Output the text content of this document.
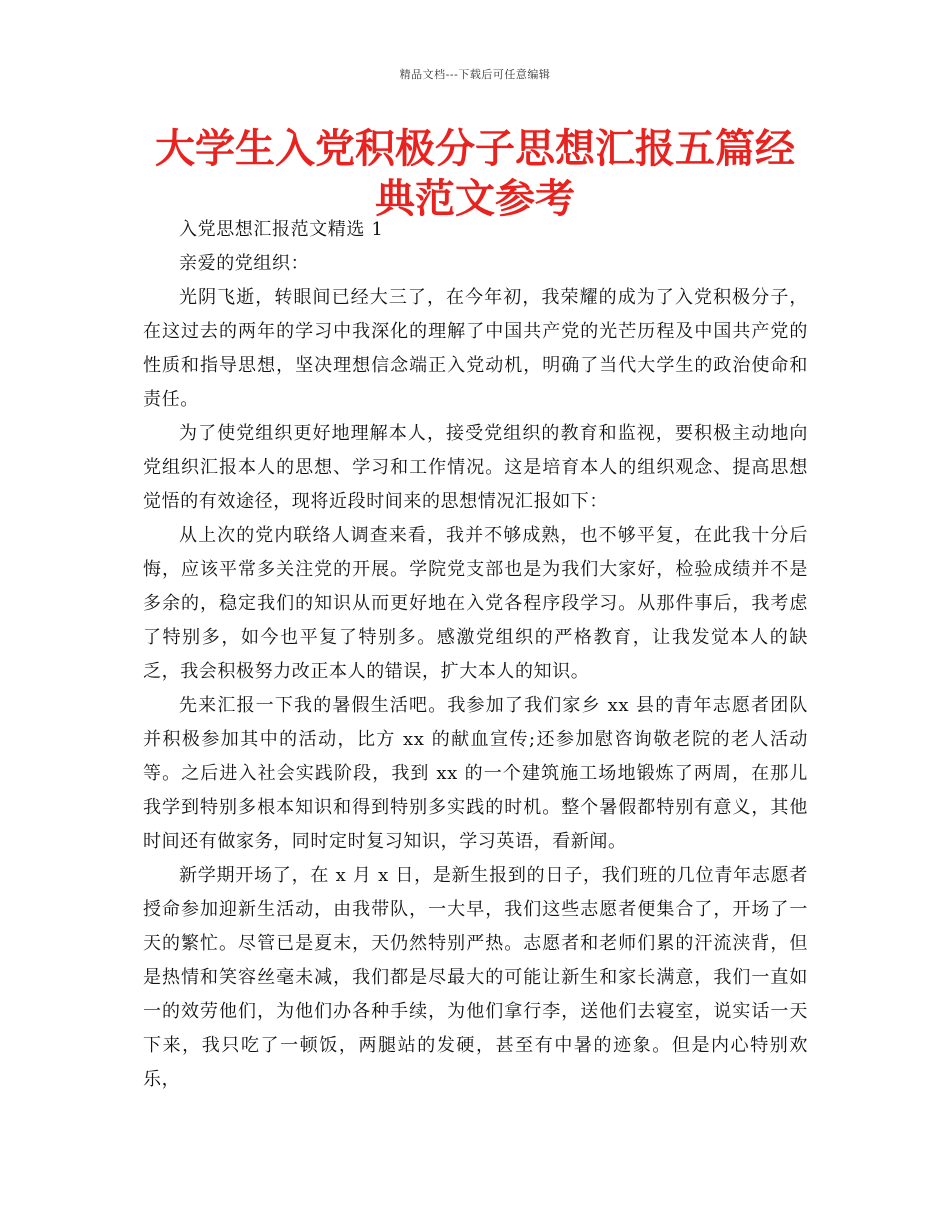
精品文档---下载后可任意编辑
大学生入党积极分子思想汇报五篇经典范文参考

入党思想汇报范文精选 1

亲爱的党组织：

光阴飞逝，转眼间已经大三了，在今年初，我荣耀的成为了入党积极分子，在这过去的两年的学习中我深化的理解了中国共产党的光芒历程及中国共产党的性质和指导思想，坚决理想信念端正入党动机，明确了当代大学生的政治使命和责任。

为了使党组织更好地理解本人，接受党组织的教育和监视，要积极主动地向党组织汇报本人的思想、学习和工作情况。这是培育本人的组织观念、提高思想觉悟的有效途径，现将近段时间来的思想情况汇报如下：

从上次的党内联络人调查来看，我并不够成熟，也不够平复，在此我十分后悔，应该平常多关注党的开展。学院党支部也是为我们大家好，检验成绩并不是多余的，稳定我们的知识从而更好地在入党各程序段学习。从那件事后，我考虑了特别多，如今也平复了特别多。感激党组织的严格教育，让我发觉本人的缺乏，我会积极努力改正本人的错误，扩大本人的知识。

先来汇报一下我的暑假生活吧。我参加了我们家乡 xx 县的青年志愿者团队并积极参加其中的活动，比方 xx 的献血宣传;还参加慰咨询敬老院的老人活动等。之后进入社会实践阶段，我到 xx 的一个建筑施工场地锻炼了两周，在那儿我学到特别多根本知识和得到特别多实践的时机。整个暑假都特别有意义，其他时间还有做家务，同时定时复习知识，学习英语，看新闻。

新学期开场了，在 x 月 x 日，是新生报到的日子，我们班的几位青年志愿者授命参加迎新生活动，由我带队，一大早，我们这些志愿者便集合了，开场了一天的繁忙。尽管已是夏末，天仍然特别严热。志愿者和老师们累的汗流浃背，但是热情和笑容丝毫未减，我们都是尽最大的可能让新生和家长满意，我们一直如一的效劳他们，为他们办各种手续，为他们拿行李，送他们去寝室，说实话一天下来，我只吃了一顿饭，两腿站的发硬，甚至有中暑的迹象。但是内心特别欢乐，
